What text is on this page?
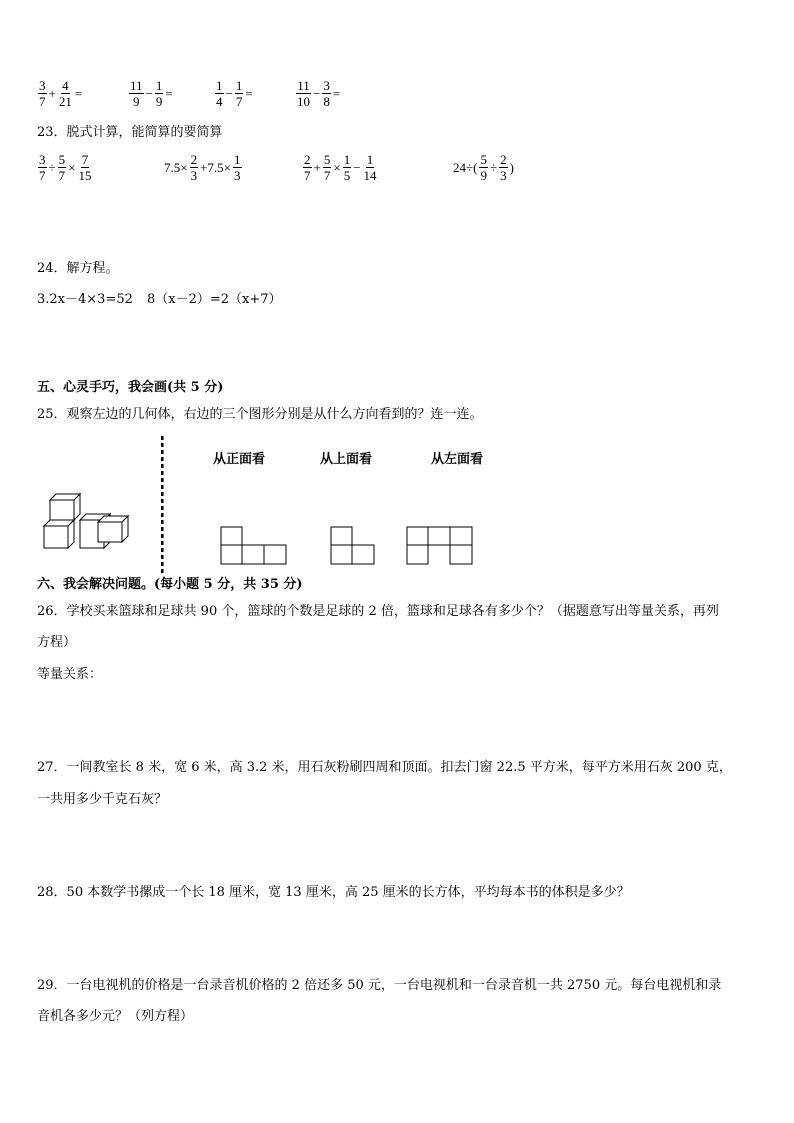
$\frac{3}{7} + \frac{4}{21}$ =	$\frac{11}{9} - \frac{1}{9}$ =	$\frac{1}{4} - \frac{1}{7}$ =	$\frac{11}{10} - \frac{3}{8}$ =
23．脱式计算，能简算的要简算
$\frac{3}{7} \div \frac{5}{7} \times \frac{7}{15}$	$7.5\times \frac{2}{3} +7.5\times \frac{1}{3}$	$\frac{2}{7} + \frac{5}{7} \times \frac{1}{5} - \frac{1}{14}$	$24\div( \frac{5}{9} \div \frac{2}{3}$ )
24．解方程。
3.2x－4×3=52 8（x－2）=2（x+7）
五、心灵手巧，我会画(共 5 分)
25．观察左边的几何体，右边的三个图形分别是从什么方向看到的？连一连。
从正面看	从上面看	从左面看
六、我会解决问题。(每小题 5 分，共 35 分)
26．学校买来篮球和足球共 90 个，篮球的个数是足球的 2 倍，篮球和足球各有多少个？（据题意写出等量关系，再列
方程）
等量关系：
27．一间教室长 8 米，宽 6 米，高 3.2 米，用石灰粉刷四周和顶面。扣去门窗 22.5 平方米，每平方米用石灰 200 克，
一共用多少千克石灰？
28．50 本数学书摞成一个长 18 厘米，宽 13 厘米，高 25 厘米的长方体，平均每本书的体积是多少？
29．一台电视机的价格是一台录音机价格的 2 倍还多 50 元，一台电视机和一台录音机一共 2750 元。每台电视机和录
音机各多少元？（列方程）
